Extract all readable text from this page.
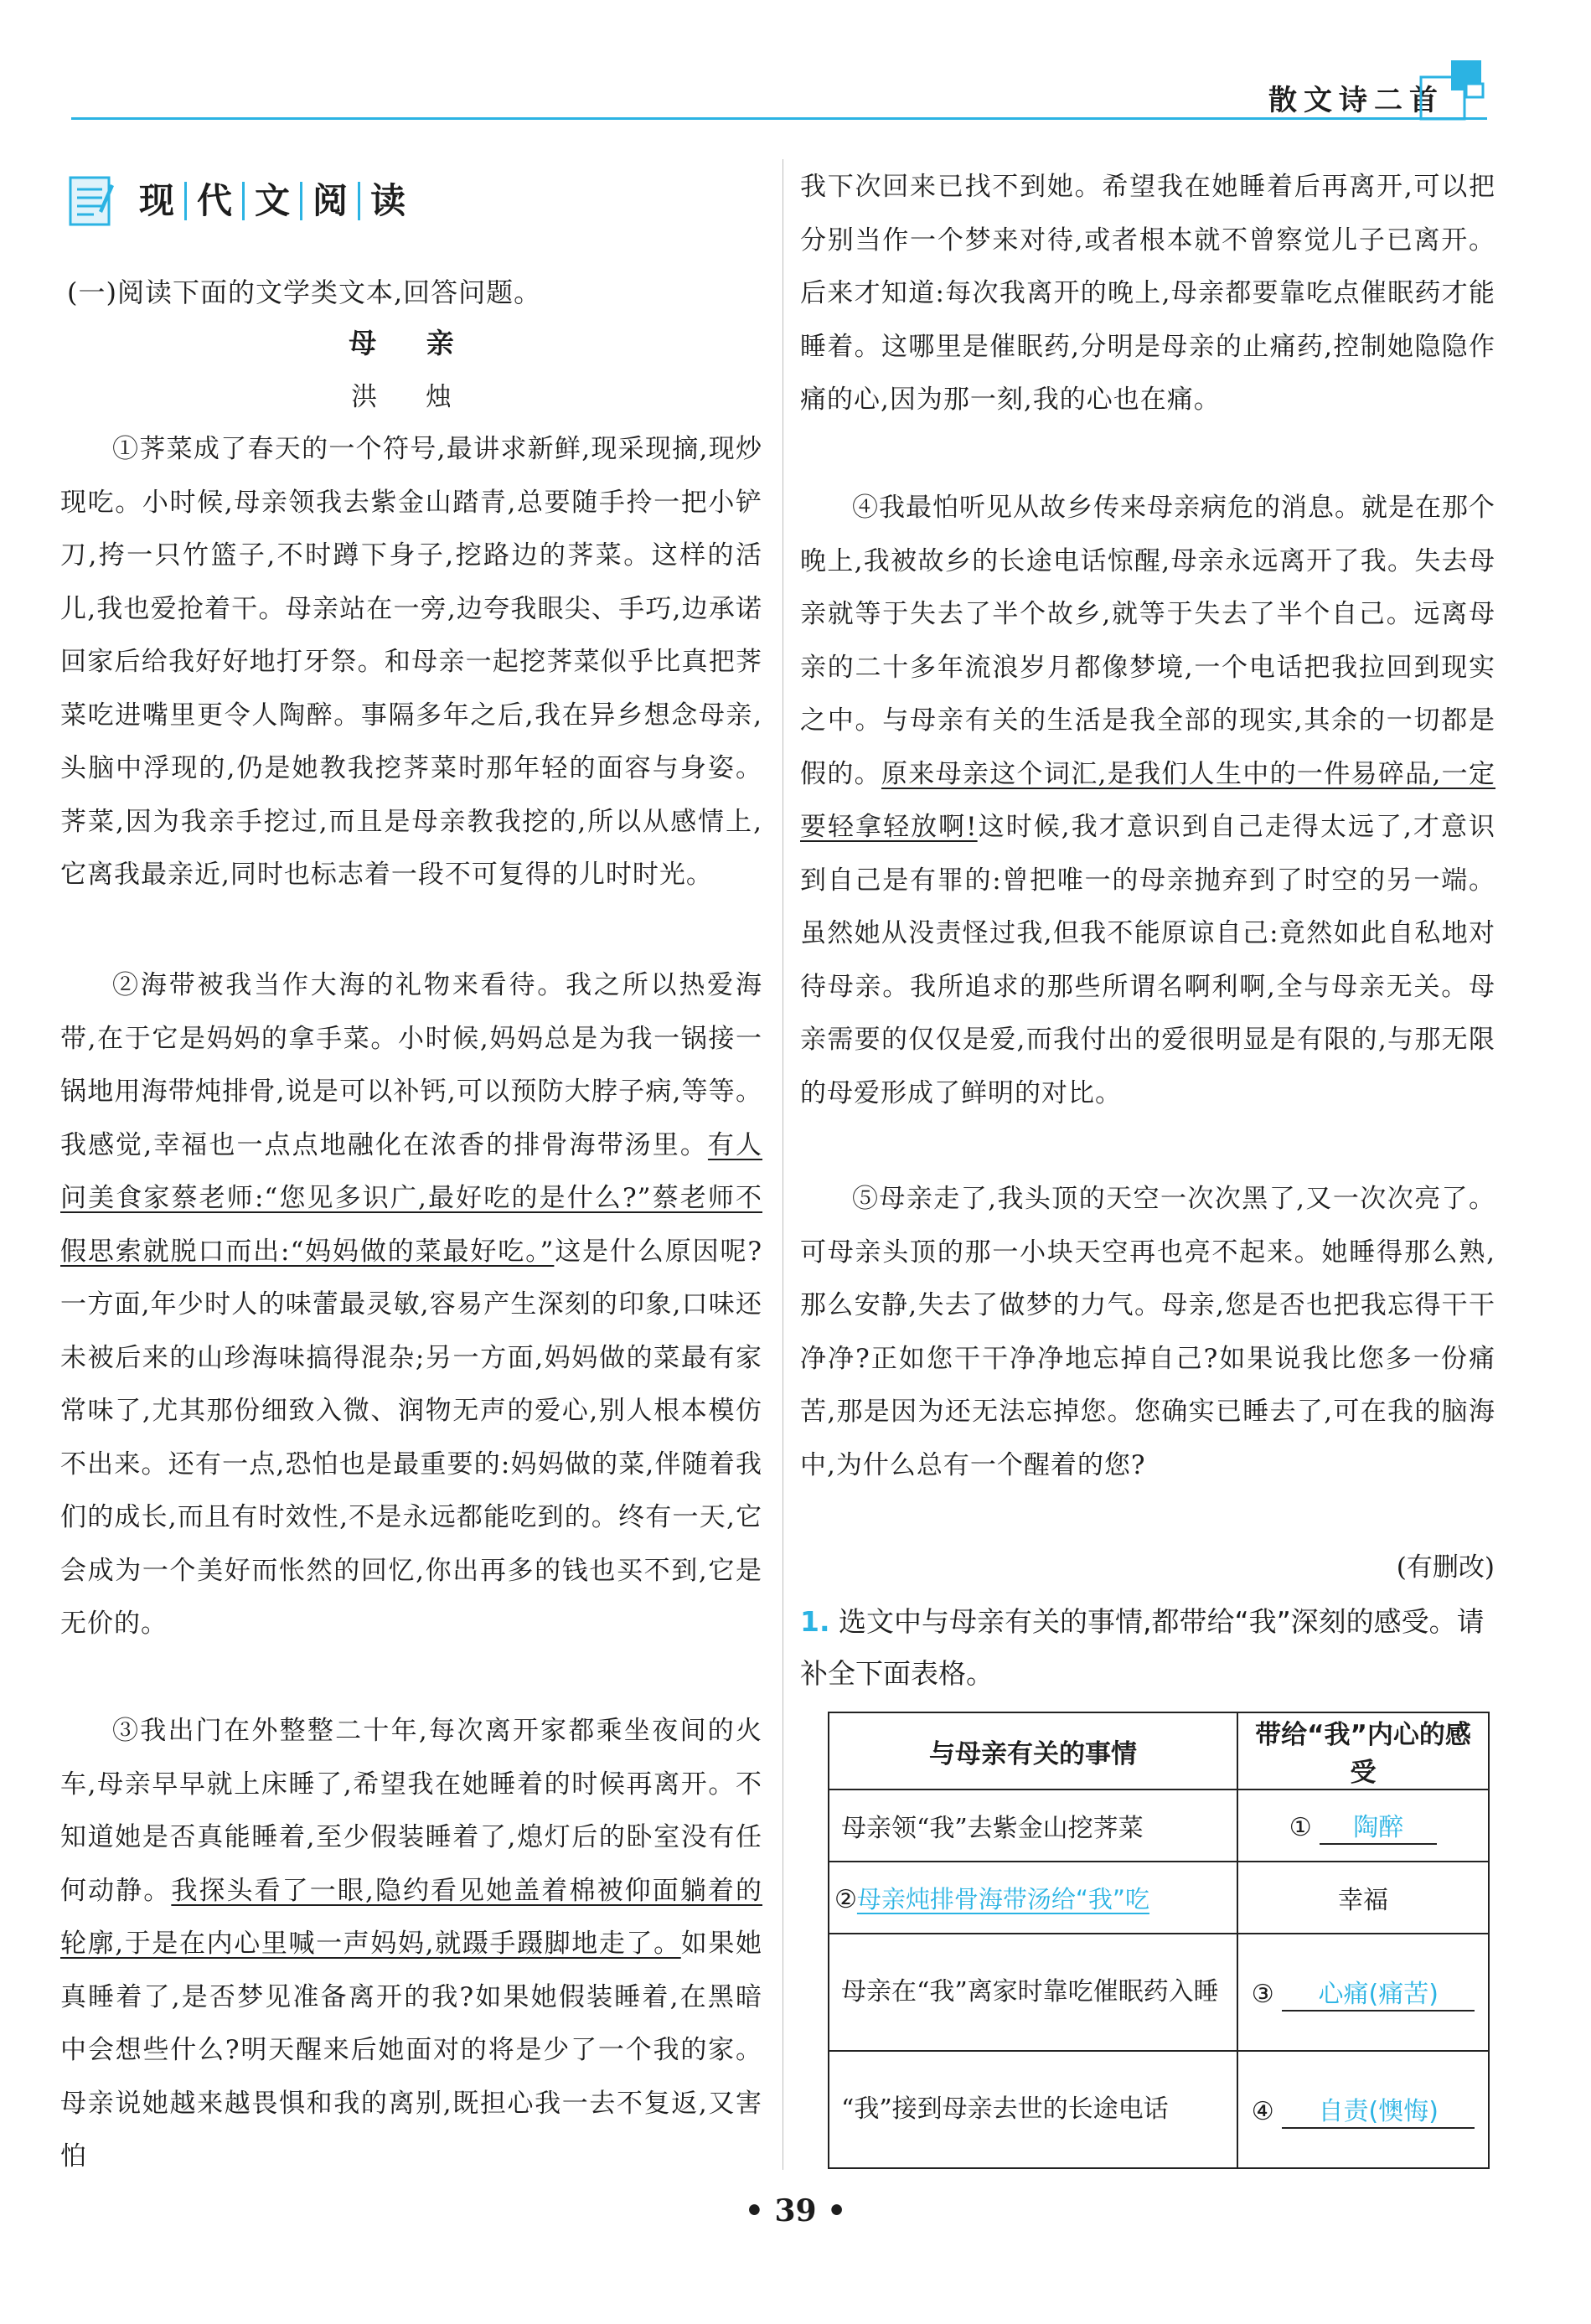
散文诗二首
现 代 文 阅 读
(一)阅读下面的文学类文本,回答问题。
母 亲
洪 烛
①荠菜成了春天的一个符号,最讲求新鲜,现采现摘,现炒现吃。小时候,母亲领我去紫金山踏青,总要随手拎一把小铲刀,挎一只竹篮子,不时蹲下身子,挖路边的荠菜。这样的活儿,我也爱抢着干。母亲站在一旁,边夸我眼尖、手巧,边承诺回家后给我好好地打牙祭。和母亲一起挖荠菜似乎比真把荠菜吃进嘴里更令人陶醉。事隔多年之后,我在异乡想念母亲,头脑中浮现的,仍是她教我挖荠菜时那年轻的面容与身姿。荠菜,因为我亲手挖过,而且是母亲教我挖的,所以从感情上,它离我最亲近,同时也标志着一段不可复得的儿时时光。
②海带被我当作大海的礼物来看待。我之所以热爱海带,在于它是妈妈的拿手菜。小时候,妈妈总是为我一锅接一锅地用海带炖排骨,说是可以补钙,可以预防大脖子病,等等。我感觉,幸福也一点点地融化在浓香的排骨海带汤里。有人问美食家蔡老师:“您见多识广,最好吃的是什么?”蔡老师不假思索就脱口而出:“妈妈做的菜最好吃。”这是什么原因呢?一方面,年少时人的味蕾最灵敏,容易产生深刻的印象,口味还未被后来的山珍海味搞得混杂;另一方面,妈妈做的菜最有家常味了,尤其那份细致入微、润物无声的爱心,别人根本模仿不出来。还有一点,恐怕也是最重要的:妈妈做的菜,伴随着我们的成长,而且有时效性,不是永远都能吃到的。终有一天,它会成为一个美好而怅然的回忆,你出再多的钱也买不到,它是无价的。
③我出门在外整整二十年,每次离开家都乘坐夜间的火车,母亲早早就上床睡了,希望我在她睡着的时候再离开。不知道她是否真能睡着,至少假装睡着了,熄灯后的卧室没有任何动静。我探头看了一眼,隐约看见她盖着棉被仰面躺着的轮廓,于是在内心里喊一声妈妈,就蹑手蹑脚地走了。如果她真睡着了,是否梦见准备离开的我?如果她假装睡着,在黑暗中会想些什么?明天醒来后她面对的将是少了一个我的家。母亲说她越来越畏惧和我的离别,既担心我一去不复返,又害怕
我下次回来已找不到她。希望我在她睡着后再离开,可以把分别当作一个梦来对待,或者根本就不曾察觉儿子已离开。后来才知道:每次我离开的晚上,母亲都要靠吃点催眠药才能睡着。这哪里是催眠药,分明是母亲的止痛药,控制她隐隐作痛的心,因为那一刻,我的心也在痛。
④我最怕听见从故乡传来母亲病危的消息。就是在那个晚上,我被故乡的长途电话惊醒,母亲永远离开了我。失去母亲就等于失去了半个故乡,就等于失去了半个自己。远离母亲的二十多年流浪岁月都像梦境,一个电话把我拉回到现实之中。与母亲有关的生活是我全部的现实,其余的一切都是假的。原来母亲这个词汇,是我们人生中的一件易碎品,一定要轻拿轻放啊!这时候,我才意识到自己走得太远了,才意识到自己是有罪的:曾把唯一的母亲抛弃到了时空的另一端。虽然她从没责怪过我,但我不能原谅自己:竟然如此自私地对待母亲。我所追求的那些所谓名啊利啊,全与母亲无关。母亲需要的仅仅是爱,而我付出的爱很明显是有限的,与那无限的母爱形成了鲜明的对比。
⑤母亲走了,我头顶的天空一次次黑了,又一次次亮了。可母亲头顶的那一小块天空再也亮不起来。她睡得那么熟,那么安静,失去了做梦的力气。母亲,您是否也把我忘得干干净净?正如您干干净净地忘掉自己?如果说我比您多一份痛苦,那是因为还无法忘掉您。您确实已睡去了,可在我的脑海中,为什么总有一个醒着的您?
(有删改)
1. 选文中与母亲有关的事情,都带给“我”深刻的感受。请补全下面表格。
与母亲有关的事情	带给“我”内心的感受
母亲领“我”去紫金山挖荠菜	① 陶醉
②母亲炖排骨海带汤给“我”吃	幸福
母亲在“我”离家时靠吃催眠药入睡	③ 心痛(痛苦)
“我”接到母亲去世的长途电话	④ 自责(懊悔)
• 39 •
